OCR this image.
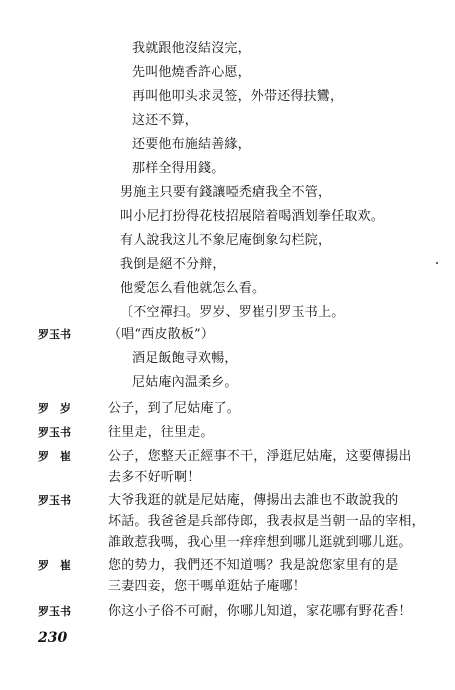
我就跟他沒結沒完，
先叫他燒香許心愿，
再叫他叩头求灵签，外带还得扶鸞，
这还不算，
还要他布施結善緣，
那样全得用錢。
男施主只要有錢讓啞禿瘡我全不管，
叫小尼打扮得花枝招展陪着喝酒划拳任取欢。
有人說我这儿不象尼庵倒象勾栏院，
我倒是絕不分辩，
他愛怎么看他就怎么看。
〔不空禪扫。罗岁、罗崔引罗玉书上。
罗玉书	（唱“西皮散板”）
酒足飯飽寻欢暢，
尼姑庵內温柔乡。
罗　岁	公子，到了尼姑庵了。
罗玉书	往里走，往里走。
罗　崔	公子，您整天正經事不干，淨逛尼姑庵，这要傳揚出
去多不好听啊！
罗玉书	大爷我逛的就是尼姑庵，傳揚出去誰也不敢說我的
坏話。我爸爸是兵部侍郎，我表叔是当朝一品的宰相，
誰敢惹我嗎，我心里一痒痒想到哪儿逛就到哪儿逛。
罗　崔	您的势力，我們还不知道嗎？我是說您家里有的是
三妻四妾，您干嗎单逛姑子庵哪！
罗玉书	你这小子俗不可耐，你哪儿知道，家花哪有野花香！
230
